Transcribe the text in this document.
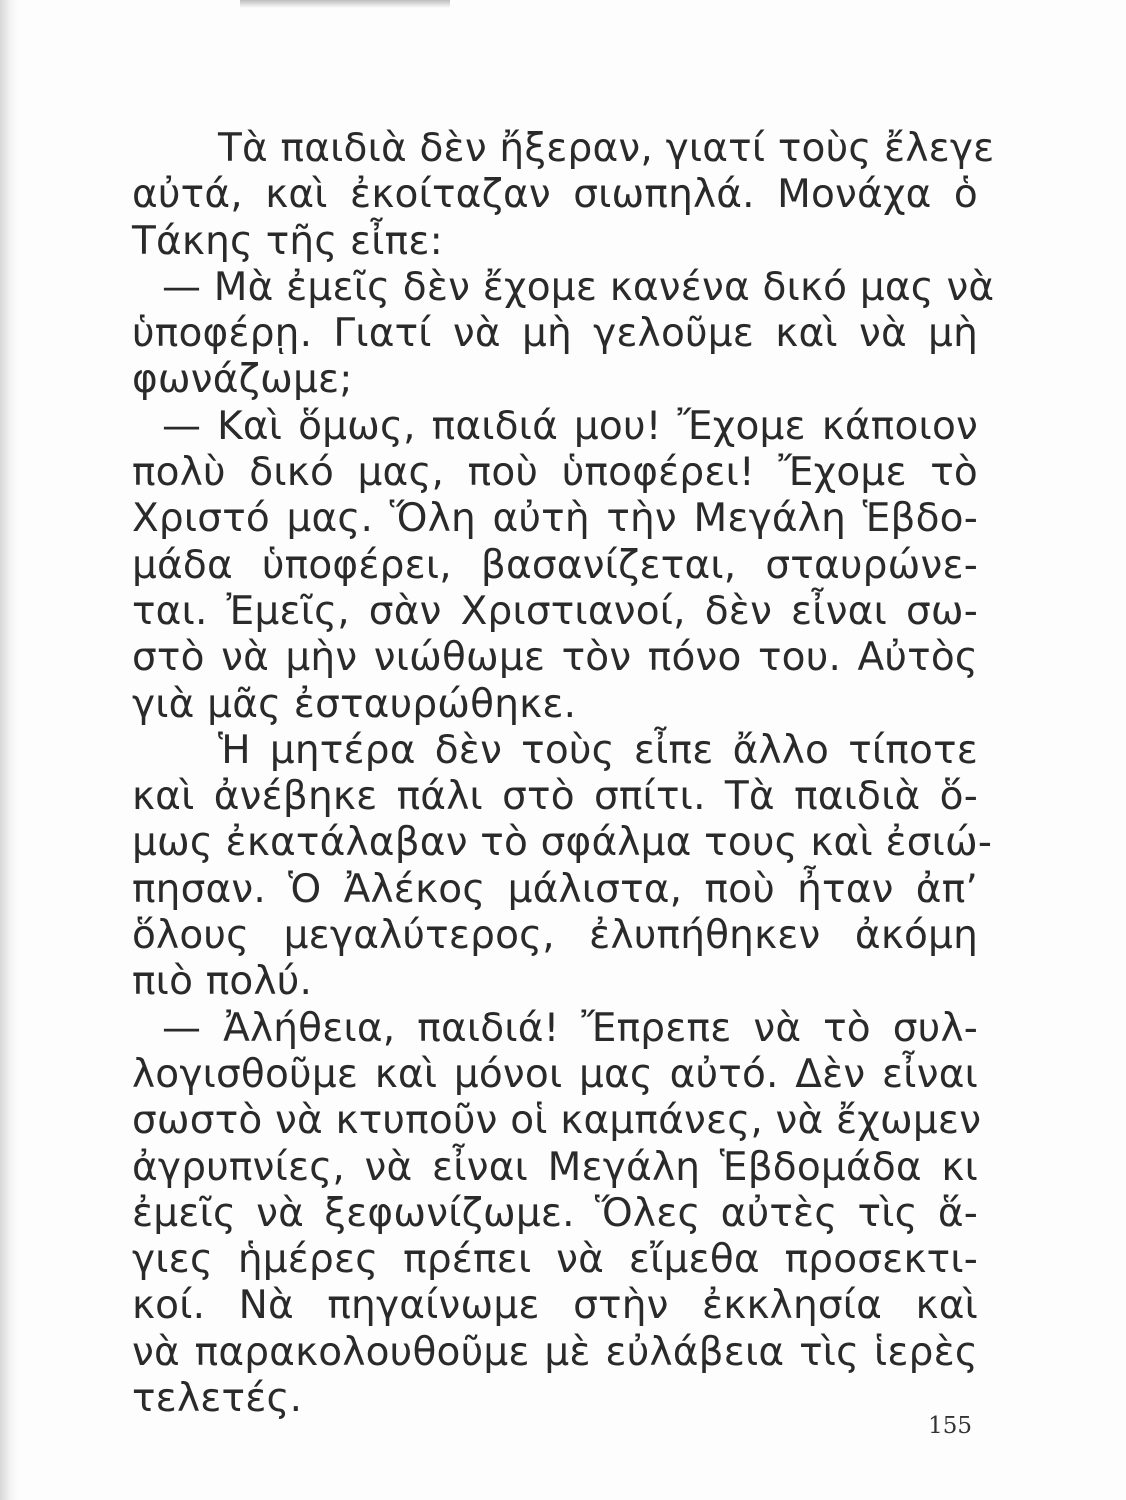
Τὰ παιδιὰ δὲν ἤξεραν, γιατί τοὺς ἔλεγε
αὐτά, καὶ ἐκοίταζαν σιωπηλά. Μονάχα ὁ
Τάκης τῆς εἶπε:
— Μὰ ἐμεῖς δὲν ἔχομε κανένα δικό μας νὰ
ὑποφέρῃ. Γιατί νὰ μὴ γελοῦμε καὶ νὰ μὴ
φωνάζωμε;
— Καὶ ὅμως, παιδιά μου! Ἔχομε κάποιον
πολὺ δικό μας, ποὺ ὑποφέρει! Ἔχομε τὸ
Χριστό μας. Ὅλη αὐτὴ τὴν Μεγάλη Ἑβδο-
μάδα ὑποφέρει, βασανίζεται, σταυρώνε-
ται. Ἐμεῖς, σὰν Χριστιανοί, δὲν εἶναι σω-
στὸ νὰ μὴν νιώθωμε τὸν πόνο του. Αὐτὸς
γιὰ μᾶς ἐσταυρώθηκε.
Ἡ μητέρα δὲν τοὺς εἶπε ἄλλο τίποτε
καὶ ἀνέβηκε πάλι στὸ σπίτι. Τὰ παιδιὰ ὅ-
μως ἐκατάλαβαν τὸ σφάλμα τους καὶ ἐσιώ-
πησαν. Ὁ Ἀλέκος μάλιστα, ποὺ ἦταν ἀπ’
ὅλους μεγαλύτερος, ἐλυπήθηκεν ἀκόμη
πιὸ πολύ.
— Ἀλήθεια, παιδιά! Ἔπρεπε νὰ τὸ συλ-
λογισθοῦμε καὶ μόνοι μας αὐτό. Δὲν εἶναι
σωστὸ νὰ κτυποῦν οἱ καμπάνες, νὰ ἔχωμεν
ἀγρυπνίες, νὰ εἶναι Μεγάλη Ἑβδομάδα κι
ἐμεῖς νὰ ξεφωνίζωμε. Ὅλες αὐτὲς τὶς ἅ-
γιες ἡμέρες πρέπει νὰ εἴμεθα προσεκτι-
κοί. Νὰ πηγαίνωμε στὴν ἐκκλησία καὶ
νὰ παρακολουθοῦμε μὲ εὐλάβεια τὶς ἱερὲς
τελετές.
155
